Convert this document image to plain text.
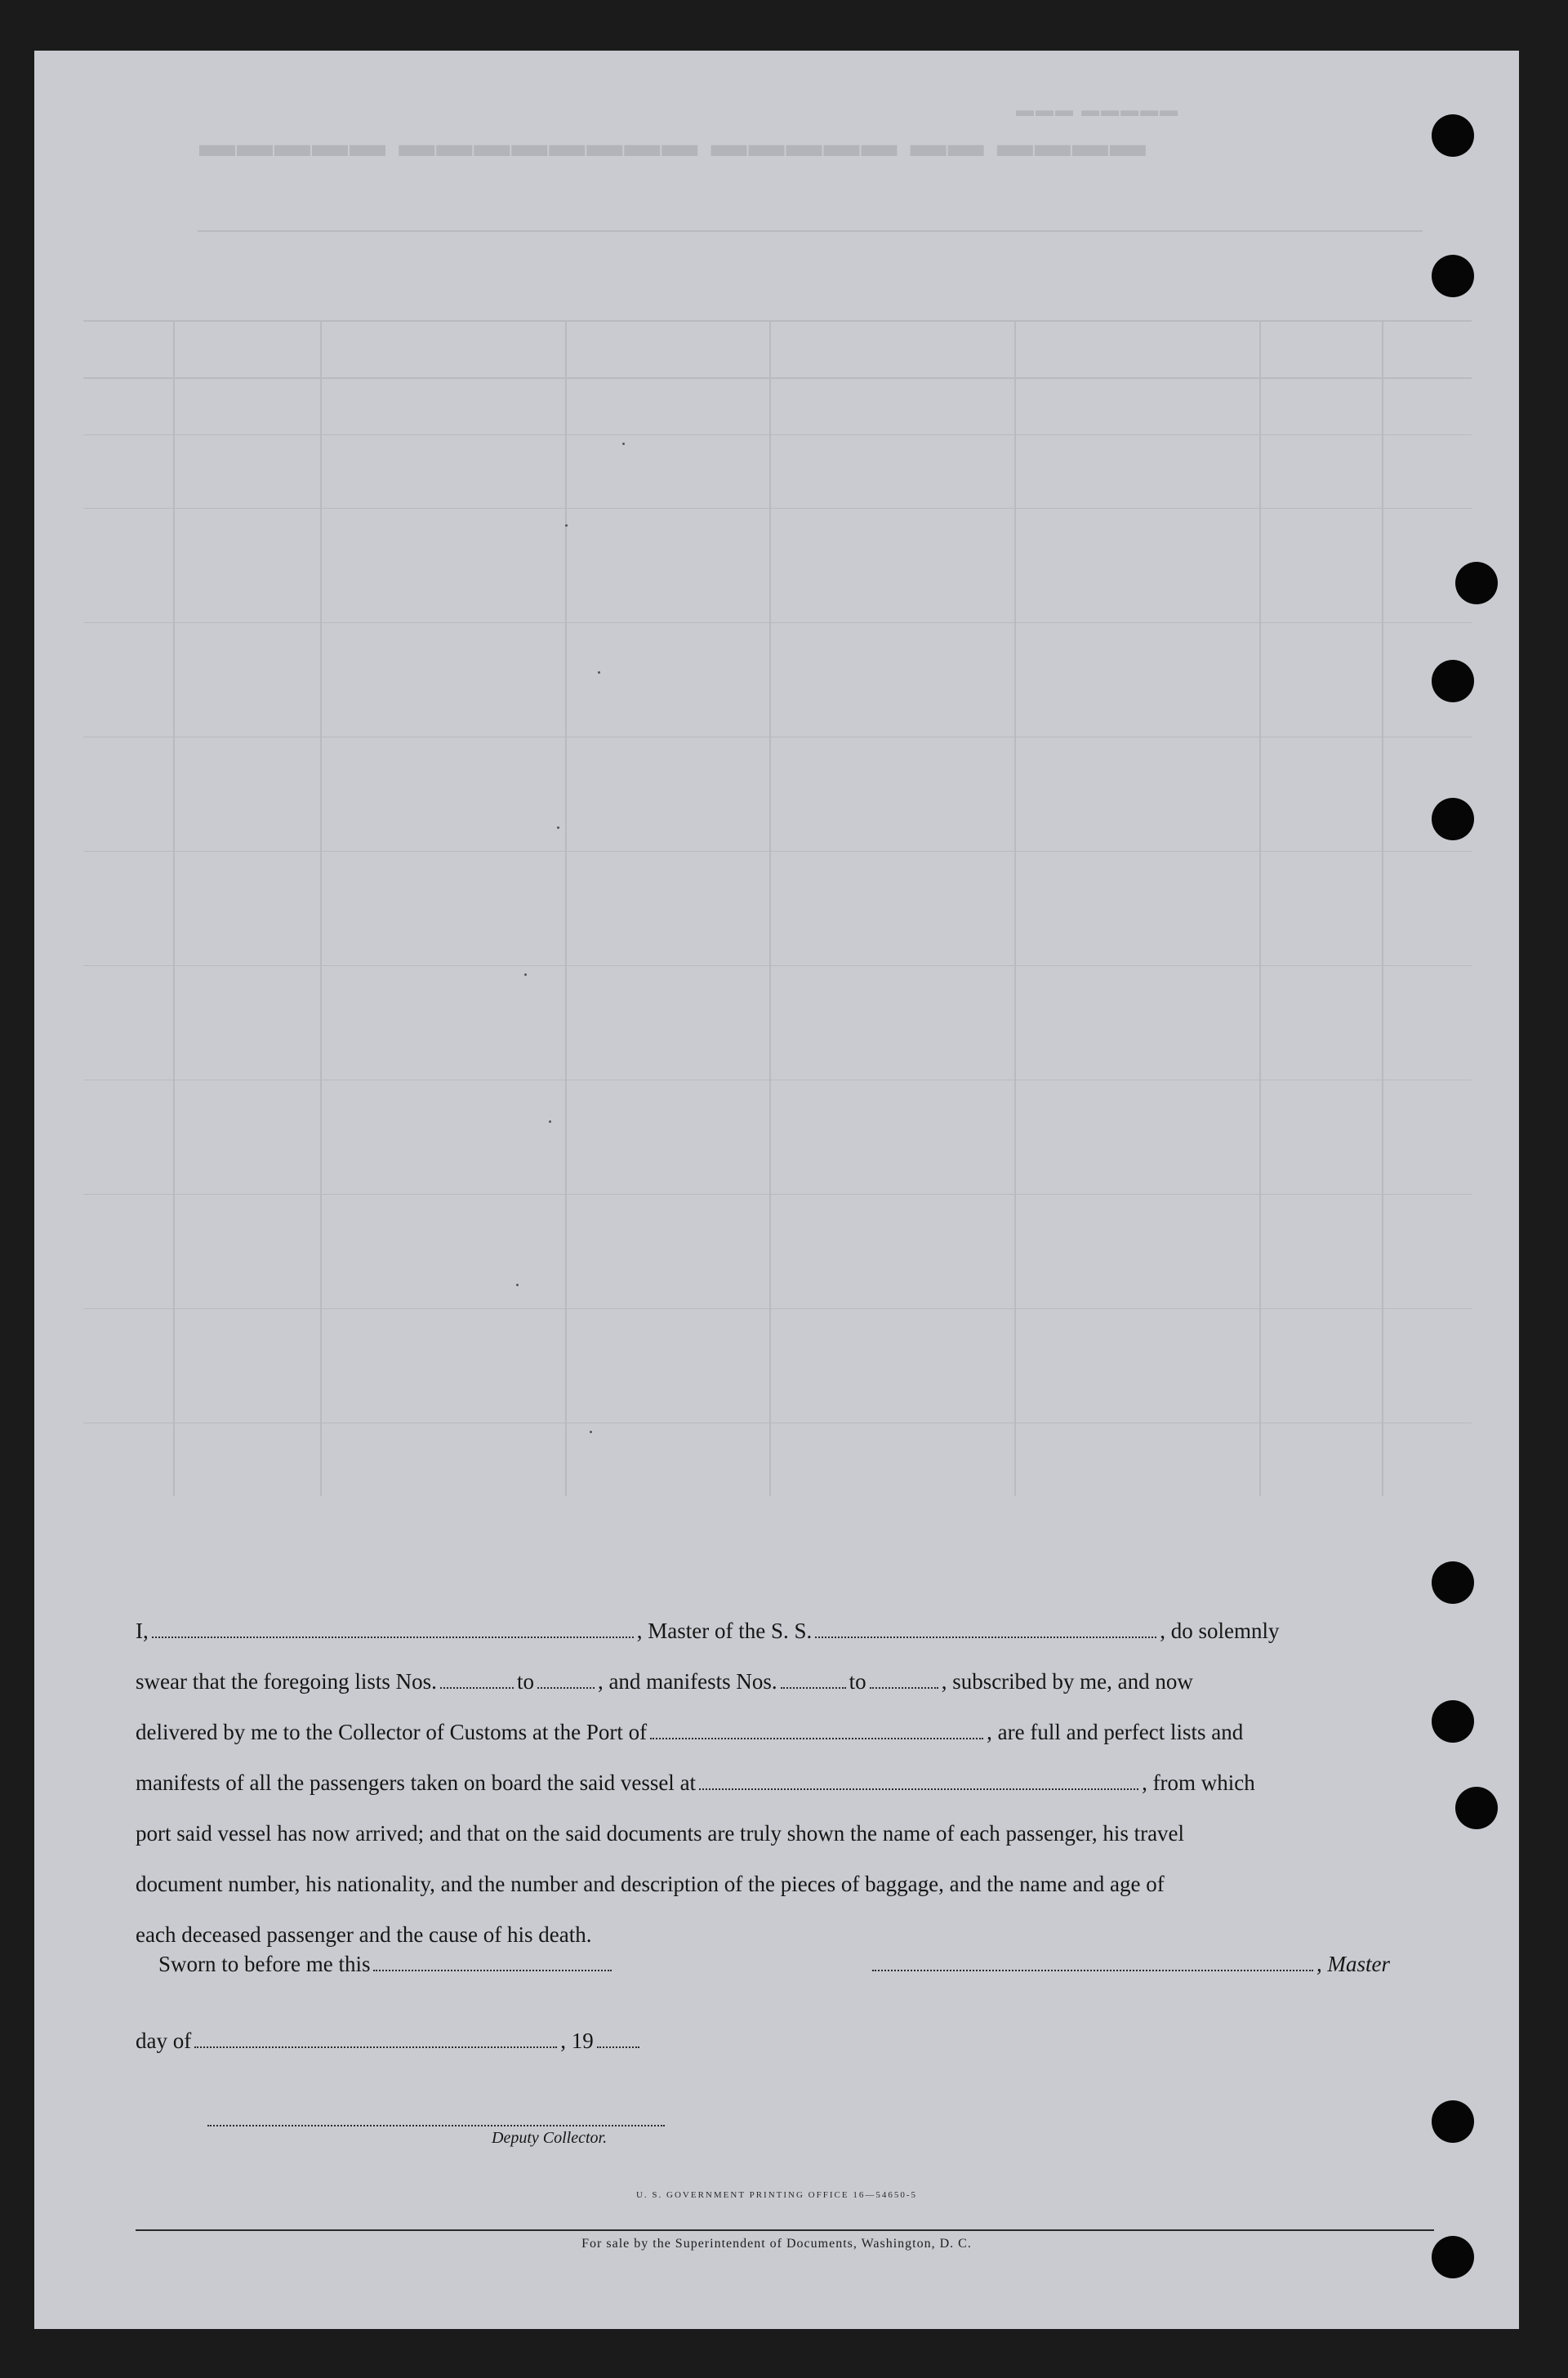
▬▬▬▬ ▬▬ ▬▬▬▬▬ ▬▬▬▬▬▬▬▬ ▬▬▬▬▬
▬▬▬▬▬ ▬▬▬
I,	, Master of the S. S.	, do solemnly
swear that the foregoing lists Nos.	to	, and manifests Nos.	to	, subscribed by me, and now
delivered by me to the Collector of Customs at the Port of	, are full and perfect lists and
manifests of all the passengers taken on board the said vessel at	, from which
port said vessel has now arrived; and that on the said documents are truly shown the name of each passenger, his travel
document number, his nationality, and the number and description of the pieces of baggage, and the name and age of
each deceased passenger and the cause of his death.
Sworn to before me this	, Master
day of	, 19
Deputy Collector.
U. S. GOVERNMENT PRINTING OFFICE 16—54650-5
For sale by the Superintendent of Documents, Washington, D. C.
